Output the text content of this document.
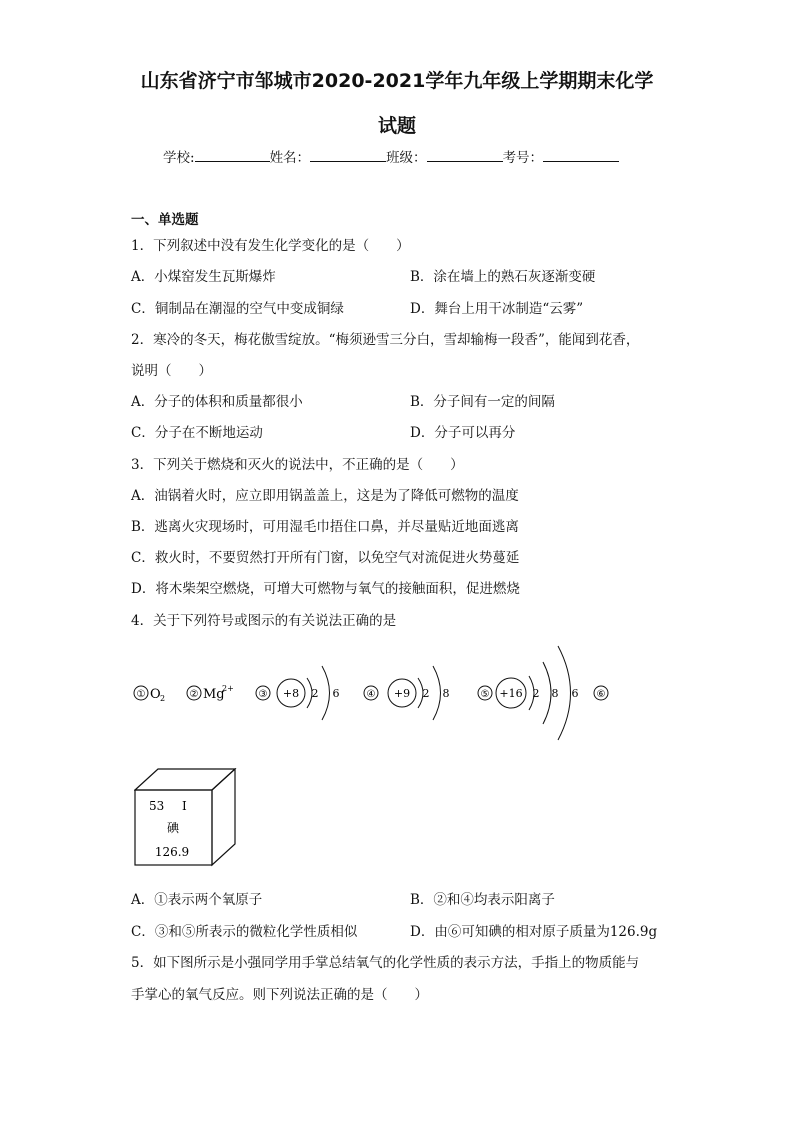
山东省济宁市邹城市2020-2021学年九年级上学期期末化学
试题
学校:	姓名：	班级：	考号：
一、单选题
1．下列叙述中没有发生化学变化的是（　　）
A．小煤窑发生瓦斯爆炸	B．涂在墙上的熟石灰逐渐变硬
C．铜制品在潮湿的空气中变成铜绿	D．舞台上用干冰制造“云雾”
2．寒冷的冬天，梅花傲雪绽放。“梅须逊雪三分白，雪却输梅一段香”，能闻到花香，
说明（　　）
A．分子的体积和质量都很小	B．分子间有一定的间隔
C．分子在不断地运动	D．分子可以再分
3．下列关于燃烧和灭火的说法中，不正确的是（　　）
A．油锅着火时，应立即用锅盖盖上，这是为了降低可燃物的温度
B．逃离火灾现场时，可用湿毛巾捂住口鼻，并尽量贴近地面逃离
C．救火时，不要贸然打开所有门窗，以免空气对流促进火势蔓延
D．将木柴架空燃烧，可增大可燃物与氧气的接触面积，促进燃烧
4．关于下列符号或图示的有关说法正确的是
① O 2 ② Mg
2+
③ +8 2 6	④ +9 2 8	⑤ +16 2 8 6 ⑥
53 I
碘
126.9
A．①表示两个氧原子	B．②和④均表示阳离子
C．③和⑤所表示的微粒化学性质相似	D．由⑥可知碘的相对原子质量为126.9g
5．如下图所示是小强同学用手掌总结氧气的化学性质的表示方法，手指上的物质能与
手掌心的氧气反应。则下列说法正确的是（　　）
